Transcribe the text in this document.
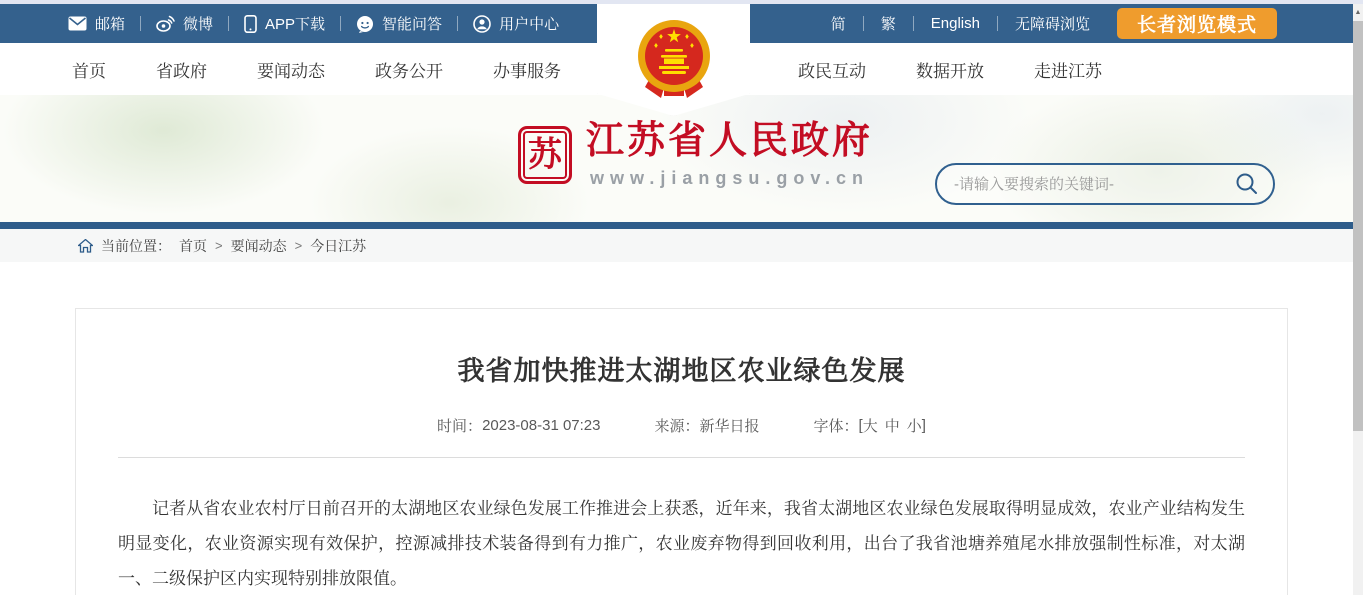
邮箱	微博	APP下载	智能问答	用户中心	简 繁 English 无障碍浏览	长者浏览模式
首页	省政府	要闻动态	政务公开	办事服务	政民互动	数据开放	走进江苏
苏 江苏省人民政府
www.jiangsu.gov.cn
-请输入要搜索的关键词-
当前位置： 首页 > 要闻动态 > 今日江苏
我省加快推进太湖地区农业绿色发展
时间： 2023-08-31 07:23	来源： 新华日报	字体： [ 大 中 小 ]

记者从省农业农村厅日前召开的太湖地区农业绿色发展工作推进会上获悉，近年来，我省太湖地区农业绿色发展取得明显成效，农业产业结构发生明显变化，农业资源实现有效保护，控源减排技术装备得到有力推广，农业废弃物得到回收利用，出台了我省池塘养殖尾水排放强制性标准，对太湖一、二级保护区内实现特别排放限值。

▲
